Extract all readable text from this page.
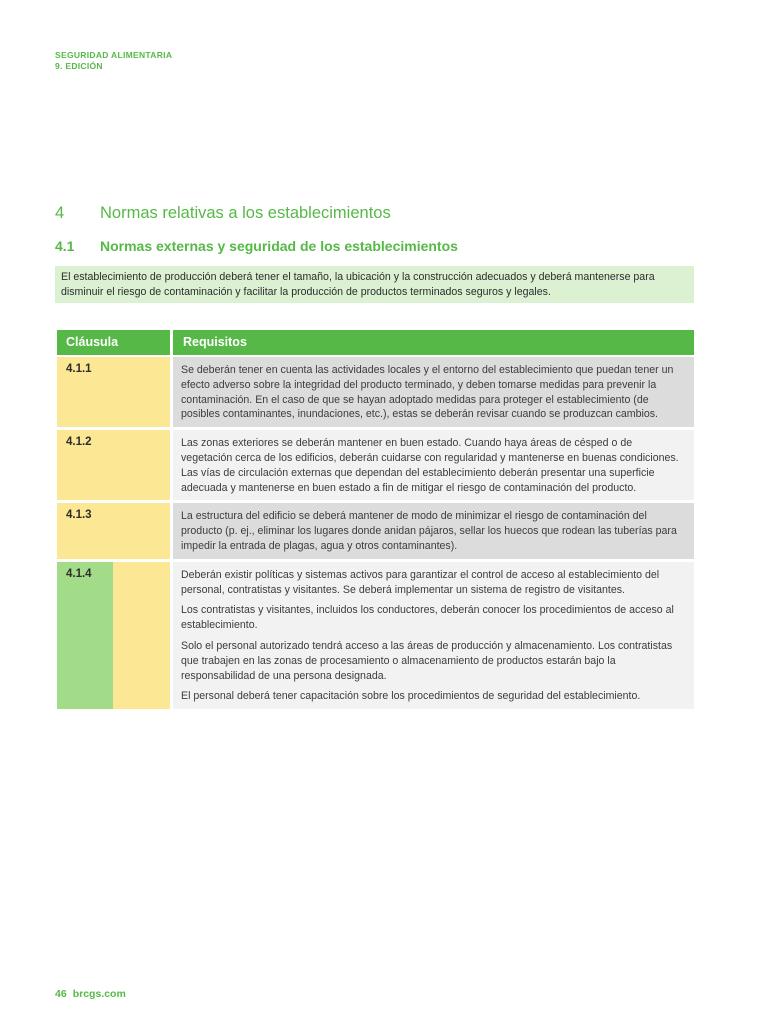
SEGURIDAD ALIMENTARIA
9. EDICIÓN
4 Normas relativas a los establecimientos
4.1 Normas externas y seguridad de los establecimientos
El establecimiento de producción deberá tener el tamaño, la ubicación y la construcción adecuados y deberá mantenerse para disminuir el riesgo de contaminación y facilitar la producción de productos terminados seguros y legales.
Cláusula	Requisitos
4.1.1	Se deberán tener en cuenta las actividades locales y el entorno del establecimiento que puedan tener un efecto adverso sobre la integridad del producto terminado, y deben tomarse medidas para prevenir la contaminación. En el caso de que se hayan adoptado medidas para proteger el establecimiento (de posibles contaminantes, inundaciones, etc.), estas se deberán revisar cuando se produzcan cambios.

4.1.2	Las zonas exteriores se deberán mantener en buen estado. Cuando haya áreas de césped o de vegetación cerca de los edificios, deberán cuidarse con regularidad y mantenerse en buenas condiciones. Las vías de circulación externas que dependan del establecimiento deberán presentar una superficie adecuada y mantenerse en buen estado a fin de mitigar el riesgo de contaminación del producto.

4.1.3	La estructura del edificio se deberá mantener de modo de minimizar el riesgo de contaminación del producto (p. ej., eliminar los lugares donde anidan pájaros, sellar los huecos que rodean las tuberías para impedir la entrada de plagas, agua y otros contaminantes).

4.1.4	Deberán existir políticas y sistemas activos para garantizar el control de acceso al establecimiento del personal, contratistas y visitantes. Se deberá implementar un sistema de registro de visitantes.

Los contratistas y visitantes, incluidos los conductores, deberán conocer los procedimientos de acceso al establecimiento.

Solo el personal autorizado tendrá acceso a las áreas de producción y almacenamiento. Los contratistas que trabajen en las zonas de procesamiento o almacenamiento de productos estarán bajo la responsabilidad de una persona designada.

El personal deberá tener capacitación sobre los procedimientos de seguridad del establecimiento.

46 brcgs.com
